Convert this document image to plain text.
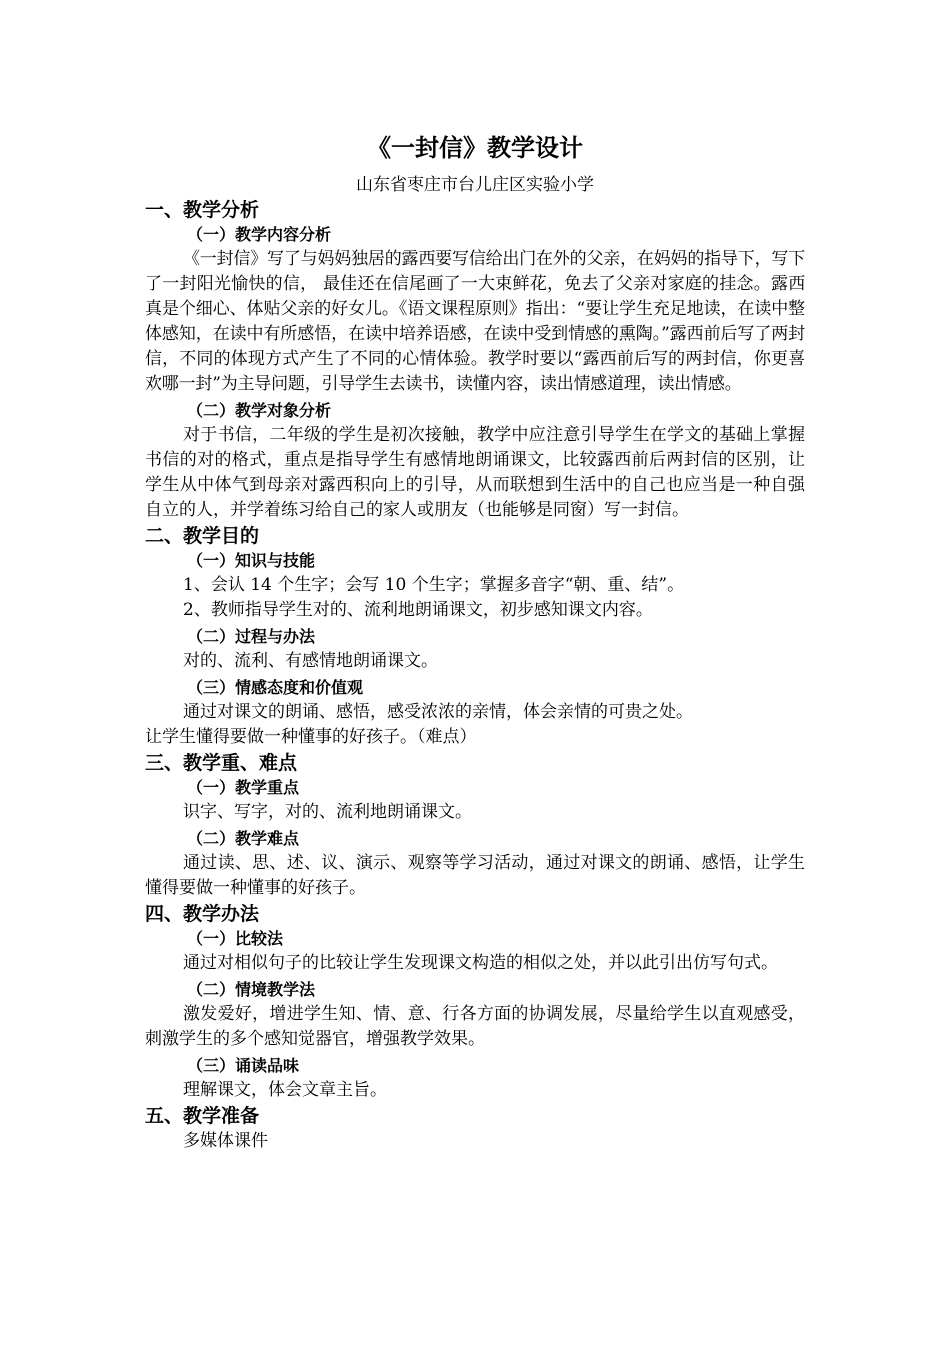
《一封信》教学设计
山东省枣庄市台儿庄区实验小学
一、教学分析
（一）教学内容分析
《一封信》写了与妈妈独居的露西要写信给出门在外的父亲，在妈妈的指导下，写下了一封阳光愉快的信， 最佳还在信尾画了一大束鲜花，免去了父亲对家庭的挂念。露西真是个细心、体贴父亲的好女儿。《语文课程原则》指出：“要让学生充足地读，在读中整体感知，在读中有所感悟，在读中培养语感，在读中受到情感的熏陶。”露西前后写了两封信，不同的体现方式产生了不同的心情体验。教学时要以“露西前后写的两封信，你更喜欢哪一封”为主导问题，引导学生去读书，读懂内容，读出情感道理，读出情感。
（二）教学对象分析
对于书信，二年级的学生是初次接触，教学中应注意引导学生在学文的基础上掌握书信的对的格式，重点是指导学生有感情地朗诵课文，比较露西前后两封信的区别，让学生从中体气到母亲对露西积向上的引导，从而联想到生活中的自己也应当是一种自强自立的人，并学着练习给自己的家人或朋友（也能够是同窗）写一封信。
二、教学目的
（一）知识与技能
1、会认 14 个生字；会写 10 个生字；掌握多音字“朝、重、结”。
2、教师指导学生对的、流利地朗诵课文，初步感知课文内容。
（二）过程与办法
对的、流利、有感情地朗诵课文。
（三）情感态度和价值观
通过对课文的朗诵、感悟，感受浓浓的亲情，体会亲情的可贵之处。
让学生懂得要做一种懂事的好孩子。（难点）
三、教学重、难点
（一）教学重点
识字、写字，对的、流利地朗诵课文。
（二）教学难点
通过读、思、述、议、演示、观察等学习活动，通过对课文的朗诵、感悟，让学生懂得要做一种懂事的好孩子。
四、教学办法
（一）比较法
通过对相似句子的比较让学生发现课文构造的相似之处，并以此引出仿写句式。
（二）情境教学法
激发爱好，增进学生知、情、意、行各方面的协调发展，尽量给学生以直观感受，刺激学生的多个感知觉器官，增强教学效果。
（三）诵读品味
理解课文，体会文章主旨。
五、教学准备
多媒体课件
